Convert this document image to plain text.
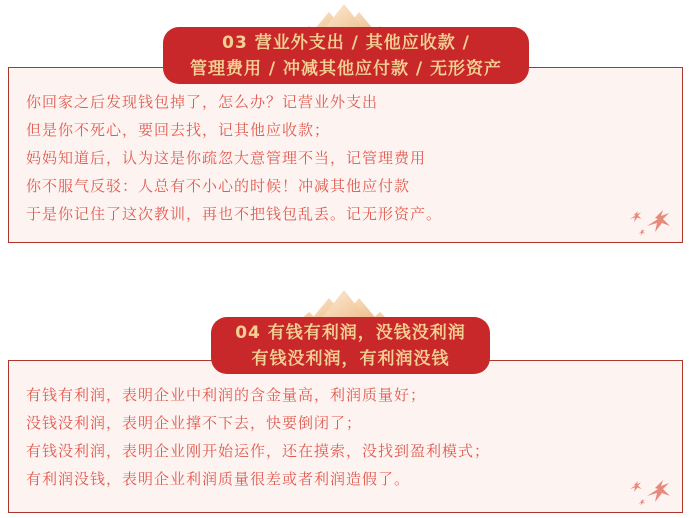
03 营业外支出 / 其他应收款 /
管理费用 / 冲减其他应付款 / 无形资产

你回家之后发现钱包掉了，怎么办？记营业外支出

但是你不死心，要回去找，记其他应收款；

妈妈知道后，认为这是你疏忽大意管理不当，记管理费用

你不服气反驳：人总有不小心的时候！冲减其他应付款

于是你记住了这次教训，再也不把钱包乱丢。记无形资产。

04 有钱有利润，没钱没利润
有钱没利润，有利润没钱

有钱有利润，表明企业中利润的含金量高，利润质量好；

没钱没利润，表明企业撑不下去，快要倒闭了；

有钱没利润，表明企业刚开始运作，还在摸索，没找到盈利模式；

有利润没钱，表明企业利润质量很差或者利润造假了。
